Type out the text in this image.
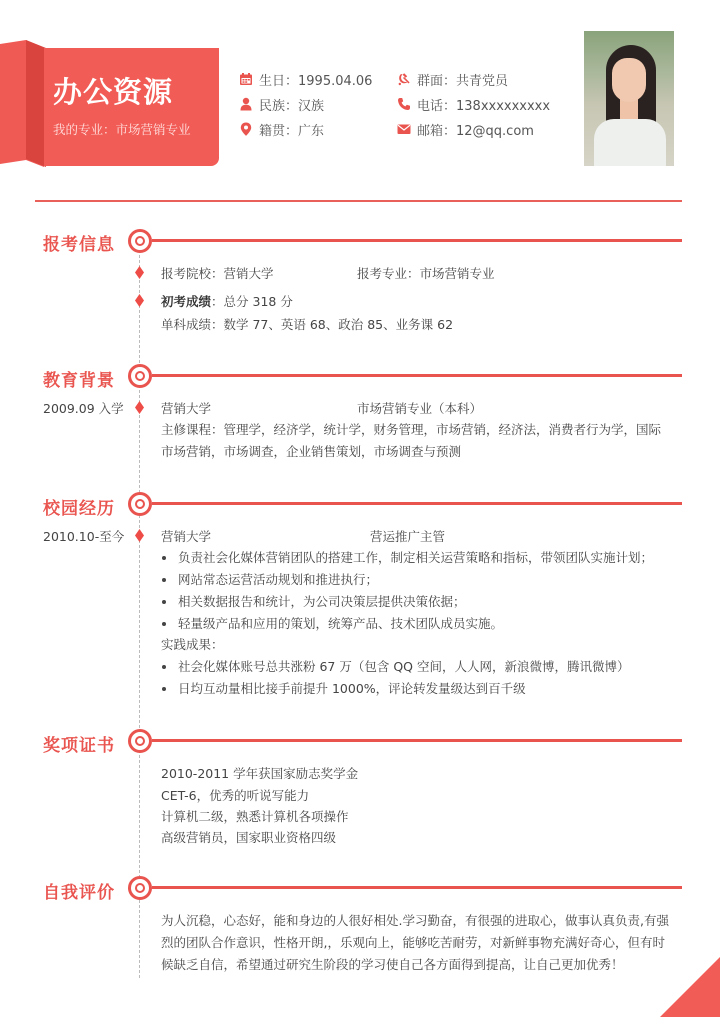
办公资源
我的专业：市场营销专业
生日：1995.04.06
民族：汉族
籍贯：广东
群面：共青党员
电话：138xxxxxxxxx
邮箱：12@qq.com
报考信息
报考院校：营销大学	报考专业：市场营销专业
初考成绩：总分 318 分
单科成绩：数学 77、英语 68、政治 85、业务课 62
教育背景
2009.09 入学	营销大学	市场营销专业（本科）
主修课程：管理学，经济学，统计学，财务管理，市场营销，经济法，消费者行为学，国际
市场营销，市场调查，企业销售策划，市场调查与预测
校园经历
2010.10-至今	营销大学	营运推广主管
负责社会化媒体营销团队的搭建工作，制定相关运营策略和指标，带领团队实施计划；
网站常态运营活动规划和推进执行；
相关数据报告和统计，为公司决策层提供决策依据；
轻量级产品和应用的策划，统筹产品、技术团队成员实施。
实践成果：
社会化媒体账号总共涨粉 67 万（包含 QQ 空间，人人网，新浪微博，腾讯微博）
日均互动量相比接手前提升 1000%，评论转发量级达到百千级
奖项证书
2010-2011 学年获国家励志奖学金
CET-6，优秀的听说写能力
计算机二级，熟悉计算机各项操作
高级营销员，国家职业资格四级
自我评价
为人沉稳，心态好，能和身边的人很好相处.学习勤奋，有很强的进取心，做事认真负责,有强
烈的团队合作意识，性格开朗,，乐观向上，能够吃苦耐劳，对新鲜事物充满好奇心，但有时
候缺乏自信，希望通过研究生阶段的学习使自己各方面得到提高，让自己更加优秀！
